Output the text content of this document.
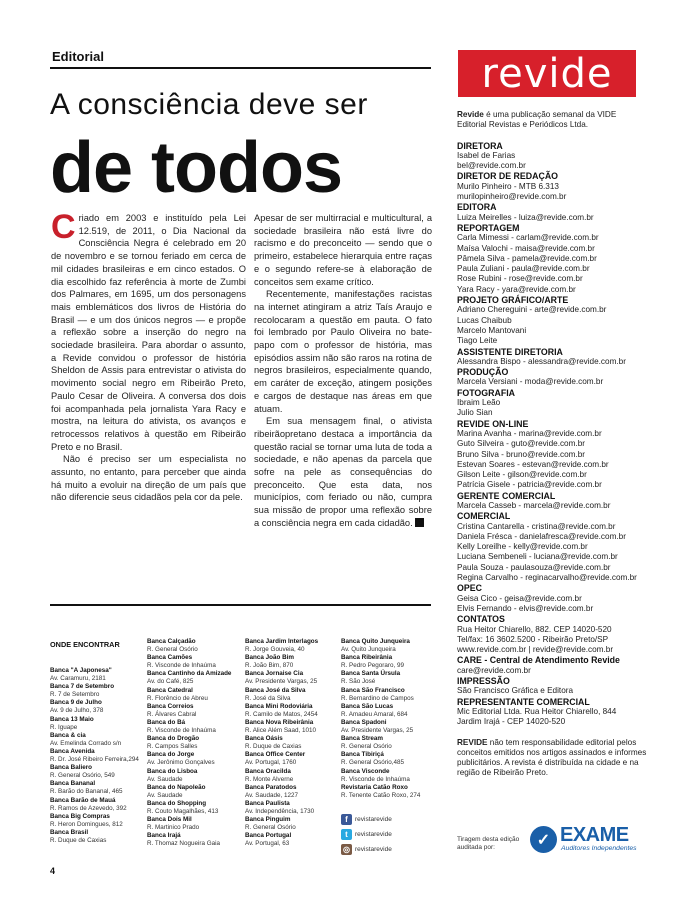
Editorial
A consciência deve ser
de todos

Criado em 2003 e instituído pela Lei 12.519, de 2011, o Dia Nacional da Consciência Negra é celebrado em 20 de novembro e se tornou feriado em cerca de mil cidades brasileiras e em cinco estados. O dia escolhido faz referência à morte de Zumbi dos Palmares, em 1695, um dos personagens mais emblemáticos dos livros de História do Brasil — e um dos únicos negros — e propõe a reflexão sobre a inserção do negro na sociedade brasileira. Para abordar o assunto, a Revide convidou o professor de história Sheldon de Assis para entrevistar o ativista do movimento social negro em Ribeirão Preto, Paulo Cesar de Oliveira. A conversa dos dois foi acompanhada pela jornalista Yara Racy e mostra, na leitura do ativista, os avanços e retrocessos relativos à questão em Ribeirão Preto e no Brasil.

Não é preciso ser um especialista no assunto, no entanto, para perceber que ainda há muito a evoluir na direção de um país que não diferencie seus cidadãos pela cor da pele.

Apesar de ser multirracial e multicultural, a sociedade brasileira não está livre do racismo e do preconceito — sendo que o primeiro, estabelece hierarquia entre raças e o segundo refere-se à elaboração de conceitos sem exame crítico.

Recentemente, manifestações racistas na internet atingiram a atriz Taís Araujo e recolocaram a questão em pauta. O fato foi lembrado por Paulo Oliveira no bate-papo com o professor de história, mas episódios assim não são raros na rotina de negros brasileiros, especialmente quando, em caráter de exceção, atingem posições e cargos de destaque nas áreas em que atuam.

Em sua mensagem final, o ativista ribeirãopretano destaca a importância da questão racial se tornar uma luta de toda a sociedade, e não apenas da parcela que sofre na pele as consequências do preconceito. Que esta data, nos municípios, com feriado ou não, cumpra sua missão de propor uma reflexão sobre a consciência negra em cada cidadão.

revide
Revide é uma publicação semanal da VIDE Editorial Revistas e Periódicos Ltda.
DIRETORA
Isabel de Farias
bel@revide.com.br
DIRETOR DE REDAÇÃO
Murilo Pinheiro - MTB 6.313
murilopinheiro@revide.com.br
EDITORA
Luiza Meirelles - luiza@revide.com.br
REPORTAGEM
Carla Mimessi - carlam@revide.com.br
Maísa Valochi - maisa@revide.com.br
Pâmela Silva - pamela@revide.com.br
Paula Zuliani - paula@revide.com.br
Rose Rubini - rose@revide.com.br
Yara Racy - yara@revide.com.br
PROJETO GRÁFICO/ARTE
Adriano Chereguini - arte@revide.com.br
Lucas Chaibub
Marcelo Mantovani
Tiago Leite
ASSISTENTE DIRETORIA
Alessandra Bispo - alessandra@revide.com.br
PRODUÇÃO
Marcela Versiani - moda@revide.com.br
FOTOGRAFIA
Ibraim Leão
Julio Sian
REVIDE ON-LINE
Marina Avanha - marina@revide.com.br
Guto Silveira - guto@revide.com.br
Bruno Silva - bruno@revide.com.br
Estevan Soares - estevan@revide.com.br
Gilson Leite - gilson@revide.com.br
Patrícia Gisele - patricia@revide.com.br
GERENTE COMERCIAL
Marcela Casseb - marcela@revide.com.br
COMERCIAL
Cristina Cantarella - cristina@revide.com.br
Daniela Frésca - danielafresca@revide.com.br
Kelly Loreilhe - kelly@revide.com.br
Luciana Sembeneli - luciana@revide.com.br
Paula Souza - paulasouza@revide.com.br
Regina Carvalho - reginacarvalho@revide.com.br
OPEC
Geisa Cico - geisa@revide.com.br
Elvis Fernando - elvis@revide.com.br
CONTATOS
Rua Heitor Chiarello, 882. CEP 14020-520
Tel/fax: 16 3602.5200 - Ribeirão Preto/SP
www.revide.com.br | revide@revide.com.br
CARE - Central de Atendimento Revide
care@revide.com.br
IMPRESSÃO
São Francisco Gráfica e Editora
REPRESENTANTE COMERCIAL
Mic Editorial Ltda. Rua Heitor Chiarello, 844
Jardim Irajá - CEP 14020-520
REVIDE não tem responsabilidade editorial pelos conceitos emitidos nos artigos assinados e informes publicitários. A revista é distribuída na cidade e na região de Ribeirão Preto.
ONDE ENCONTRAR
Banca "A Japonesa"
Av. Caramuru, 2181
Banca 7 de Setembro
R. 7 de Setembro
Banca 9 de Julho
Av. 9 de Julho, 378
Banca 13 Maio
R. Iguape
Banca & cia
Av. Emelinda Corrado s/n
Banca Avenida
R. Dr. José Ribeiro Ferreira,294
Banca Baliero
R. General Osório, 549
Banca Bananal
R. Barão do Bananal, 465
Banca Barão de Mauá
R. Ramos de Azevedo, 392
Banca Big Compras
R. Heron Domingues, 812
Banca Brasil
R. Duque de Caxias
Banca Calçadão
R. General Osório
Banca Camões
R. Visconde de Inhaúma
Banca Cantinho da Amizade
Av. do Café, 825
Banca Catedral
R. Florêncio de Abreu
Banca Correios
R. Álvares Cabral
Banca do Bá
R. Visconde de Inhaúma
Banca do Drogão
R. Campos Salles
Banca do Jorge
Av. Jerônimo Gonçalves
Banca do Lisboa
Av. Saudade
Banca do Napoleão
Av. Saudade
Banca do Shopping
R. Couto Magalhães, 413
Banca Dois Mil
R. Martinico Prado
Banca Irajá
R. Thomaz Nogueira Gaia
Banca Jardim Interlagos
R. Jorge Gouveia, 40
Banca João Bim
R. João Bim, 870
Banca Jornaise Cia
Av. Presidente Vargas, 25
Banca José da Silva
R. José da Silva
Banca Mini Rodoviária
R. Camilo de Matos, 2454
Banca Nova Ribeirânia
R. Alice Além Saad, 1010
Banca Oásis
R. Duque de Caxias
Banca Office Center
Av. Portugal, 1760
Banca Oracilda
R. Monte Alverne
Banca Paratodos
Av. Saudade, 1227
Banca Paulista
Av. Independência, 1730
Banca Pinguim
R. General Osório
Banca Portugal
Av. Portugal, 63
Banca Quito Junqueira
Av. Quito Junqueira
Banca Ribeirânia
R. Pedro Pegoraro, 99
Banca Santa Úrsula
R. São José
Banca São Francisco
R. Bernardino de Campos
Banca São Lucas
R. Amadeu Amaral, 684
Banca Spadoni
Av. Presidente Vargas, 25
Banca Stream
R. General Osório
Banca Tibiriçá
R. General Osório,485
Banca Visconde
R. Visconde de Inhaúma
Revistaria Catão Roxo
R. Tenente Catão Roxo, 274
f	revistarevide
t	revistarevide
◎ revistarevide
Tiragem desta edição auditada por:	✓ EXAME
Auditores Independentes
4
